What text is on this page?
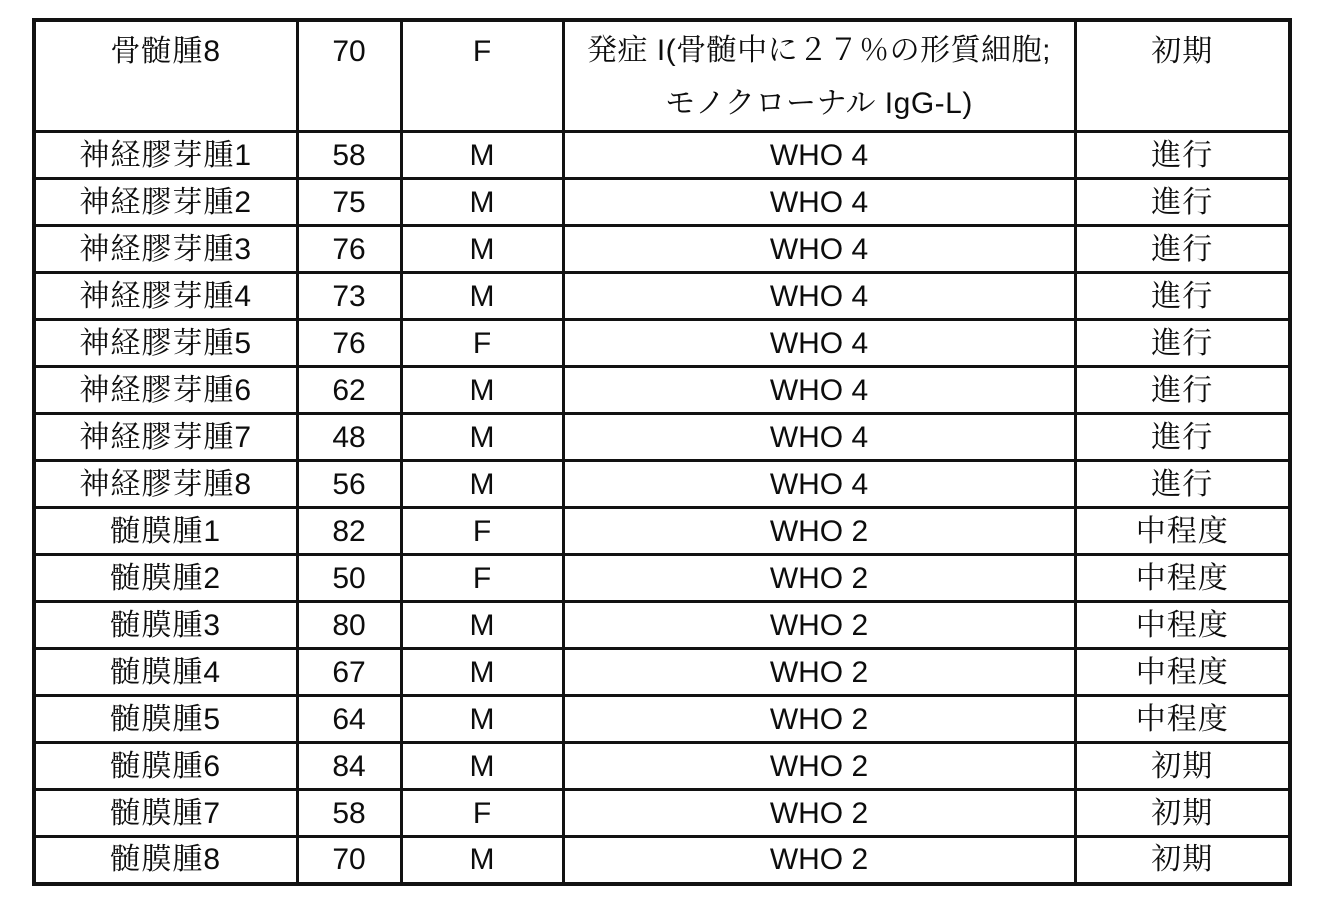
骨髄腫8	70	F	発症 I(骨髄中に２７％の形質細胞;
モノクローナル IgG-L)	初期
神経膠芽腫1	58	M	WHO 4	進行
神経膠芽腫2	75	M	WHO 4	進行
神経膠芽腫3	76	M	WHO 4	進行
神経膠芽腫4	73	M	WHO 4	進行
神経膠芽腫5	76	F	WHO 4	進行
神経膠芽腫6	62	M	WHO 4	進行
神経膠芽腫7	48	M	WHO 4	進行
神経膠芽腫8	56	M	WHO 4	進行
髄膜腫1	82	F	WHO 2	中程度
髄膜腫2	50	F	WHO 2	中程度
髄膜腫3	80	M	WHO 2	中程度
髄膜腫4	67	M	WHO 2	中程度
髄膜腫5	64	M	WHO 2	中程度
髄膜腫6	84	M	WHO 2	初期
髄膜腫7	58	F	WHO 2	初期
髄膜腫8	70	M	WHO 2	初期
